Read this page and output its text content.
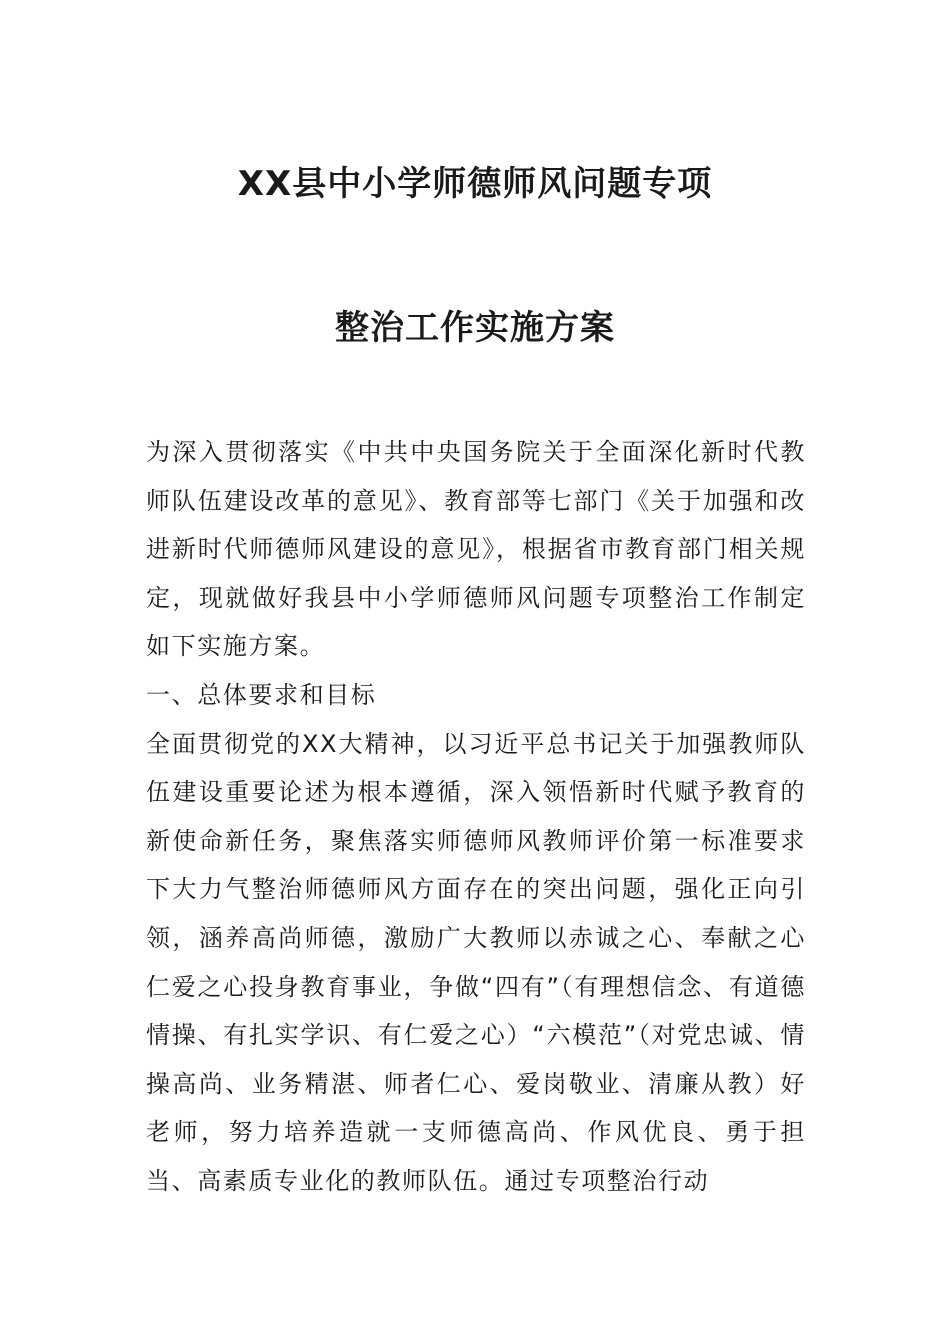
XX县中小学师德师风问题专项
整治工作实施方案

为深入贯彻落实《中共中央国务院关于全面深化新时代教师队伍建设改革的意见》、教育部等七部门《关于加强和改进新时代师德师风建设的意见》，根据省市教育部门相关规定，现就做好我县中小学师德师风问题专项整治工作制定如下实施方案。

一、总体要求和目标

全面贯彻党的XX大精神，以习近平总书记关于加强教师队伍建设重要论述为根本遵循，深入领悟新时代赋予教育的新使命新任务，聚焦落实师德师风教师评价第一标准要求下大力气整治师德师风方面存在的突出问题，强化正向引领，涵养高尚师德，激励广大教师以赤诚之心、奉献之心仁爱之心投身教育事业，争做“四有”（有理想信念、有道德情操、有扎实学识、有仁爱之心）“六模范”（对党忠诚、情操高尚、业务精湛、师者仁心、爱岗敬业、清廉从教）好老师，努力培养造就一支师德高尚、作风优良、勇于担当、高素质专业化的教师队伍。通过专项整治行动
